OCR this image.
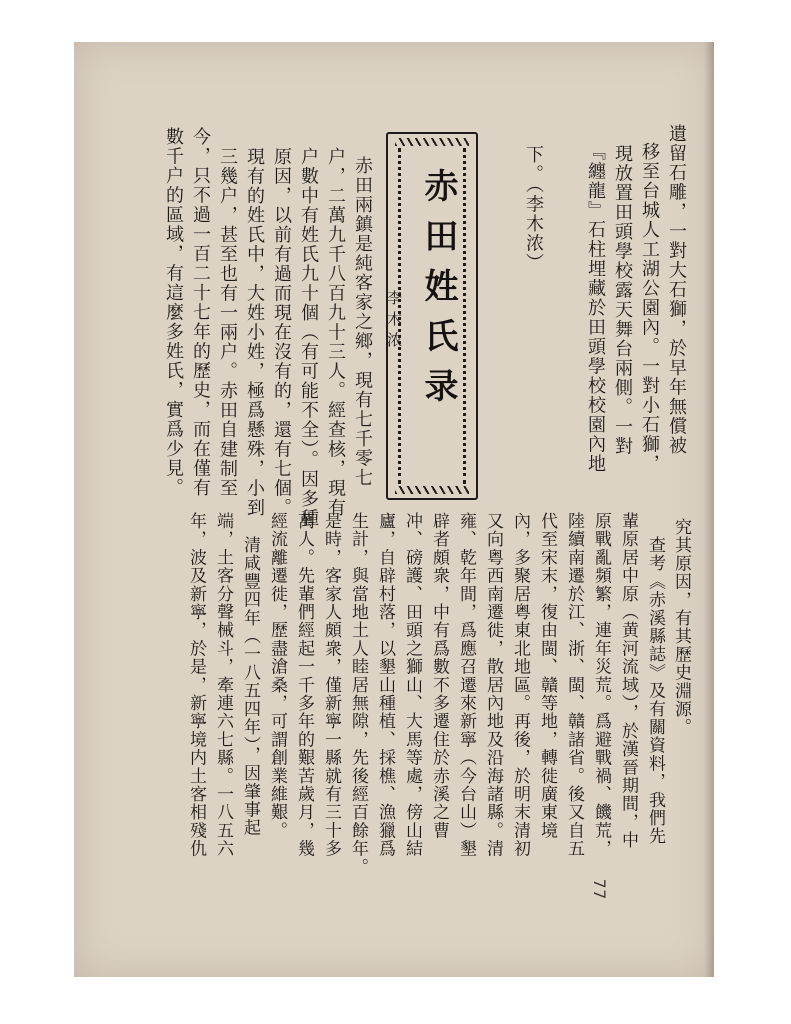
遺留石雕，一對大石獅，於早年無償被
移至台城人工湖公園內。一對小石獅，
現放置田頭學校露天舞台兩側。一對
『纏龍』石柱埋藏於田頭學校校園內地
下。（李木浓）
赤田姓氏录
李木浓
赤田兩鎮是純客家之鄉，現有七千零七
户，二萬九千八百九十三人。經查核，現有
户數中有姓氏九十個（有可能不全）。因多種
原因，以前有過而現在沒有的，還有七個。
現有的姓氏中，大姓小姓，極爲懸殊，小到
三幾户，甚至也有一兩户。赤田自建制至
今，只不過一百二十七年的歷史，而在僅有
數千户的區域，有這麼多姓氏，實爲少見。
究其原因，有其歷史淵源。
查考《赤溪縣誌》及有關資料，我們先
輩原居中原（黄河流域），於漢晉期間，中
原戰亂頻繁，連年災荒。爲避戰禍、饑荒，
陸續南遷於江、浙、閩、贛諸省。後又自五
代至宋末，復由閩、贛等地，轉徙廣東境
內，多聚居粤東北地區。再後，於明末清初
又向粤西南遷徙，散居內地及沿海諸縣。清
雍、乾年間，爲應召遷來新寧（今台山）墾
辟者頗衆，中有爲數不多遷住於赤溪之曹
冲、磅護、田頭之獅山、大馬等處，傍山結
廬，自辟村落，以墾山種植、採樵、漁獵爲
生計，與當地土人睦居無隙，先後經百餘年。
是時，客家人頗衆，僅新寧一縣就有三十多
萬人。先輩們經起一千多年的艱苦歲月，幾
經流離遷徙，歷盡滄桑，可謂創業維艱。
清咸豐四年（一八五四年），因肇事起
端，土客分聲械斗，牽連六七縣。一八五六
年，波及新寧，於是，新寧境内土客相殘仇
77
